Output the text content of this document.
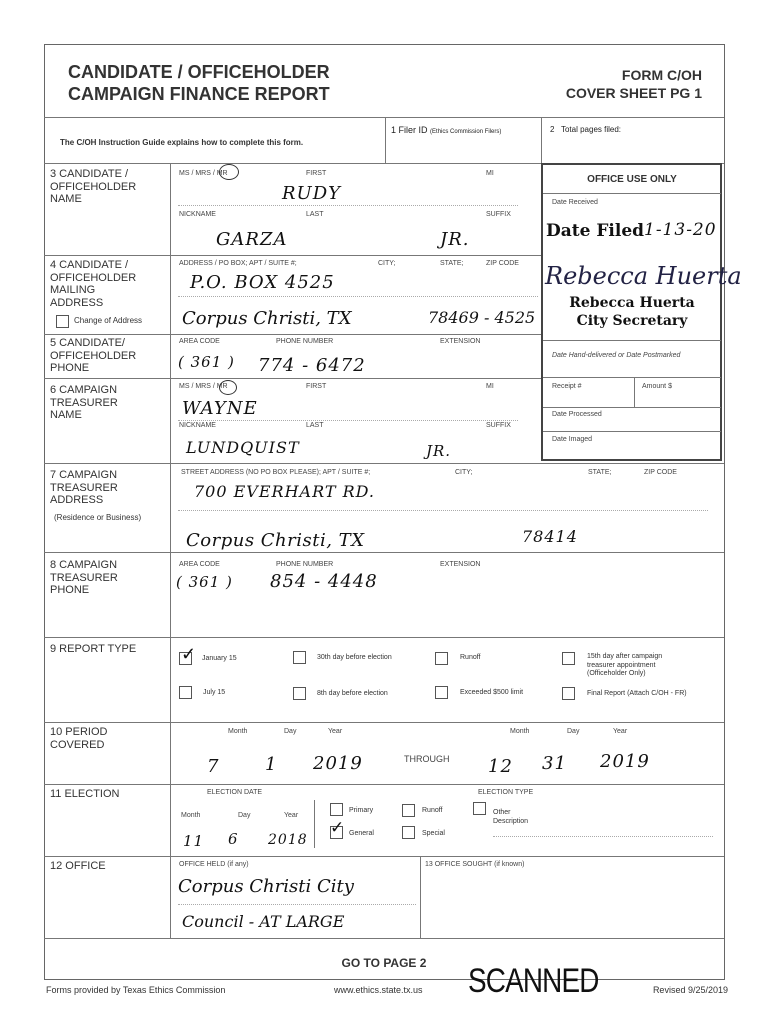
CANDIDATE / OFFICEHOLDER
CAMPAIGN FINANCE REPORT
FORM C/OH
COVER SHEET PG 1
The C/OH Instruction Guide explains how to complete this form.
1 Filer ID (Ethics Commission Filers)	2   Total pages filed:
OFFICE USE ONLY
Date Received
Date Filed 1-13-20
Rebecca Huerta
Rebecca Huerta
City Secretary
Date Hand-delivered or Date Postmarked
Receipt #	Amount $
Date Processed
Date Imaged
3 CANDIDATE /
OFFICEHOLDER
NAME
MS / MRS / MR	FIRST	MI
RUDY
NICKNAME	LAST	SUFFIX
GARZA	JR.
4 CANDIDATE /
OFFICEHOLDER
MAILING
ADDRESS
Change of Address
ADDRESS / PO BOX; APT / SUITE #;	CITY;	STATE;	ZIP CODE
P.O. BOX 4525
Corpus Christi, TX	78469 - 4525
5 CANDIDATE/
OFFICEHOLDER
PHONE
AREA CODE	PHONE NUMBER	EXTENSION
( 361 ) 774 - 6472
6 CAMPAIGN
TREASURER
NAME
MS / MRS / MR	FIRST	MI
WAYNE
NICKNAME	LAST	SUFFIX
LUNDQUIST	JR.
7 CAMPAIGN
TREASURER
ADDRESS
(Residence or Business)
STREET ADDRESS (NO PO BOX PLEASE); APT / SUITE #;	CITY;	STATE;	ZIP CODE
700 EVERHART RD.
Corpus Christi, TX	78414
8 CAMPAIGN
TREASURER
PHONE
AREA CODE	PHONE NUMBER	EXTENSION
( 361 ) 854 - 4448
9 REPORT TYPE ✓ January 15	30th day before election	Runoff	15th day after campaign
treasurer appointment
(Officeholder Only)
July 15	8th day before election	Exceeded $500 limit	Final Report (Attach C/OH - FR)
10 PERIOD
COVERED
Month	Day	Year	Month	Day	Year
7	1 2019	THROUGH 12 31 2019
11 ELECTION	ELECTION DATE	ELECTION TYPE
Month	Day	Year
11 6 2018
Primary	Runoff	Other
Description
✓ General	Special
12 OFFICE	OFFICE HELD (if any)	13 OFFICE SOUGHT (if known)
Corpus Christi City
Council - AT LARGE
GO TO PAGE 2
Forms provided by Texas Ethics Commission	www.ethics.state.tx.us SCANNED	Revised 9/25/2019
